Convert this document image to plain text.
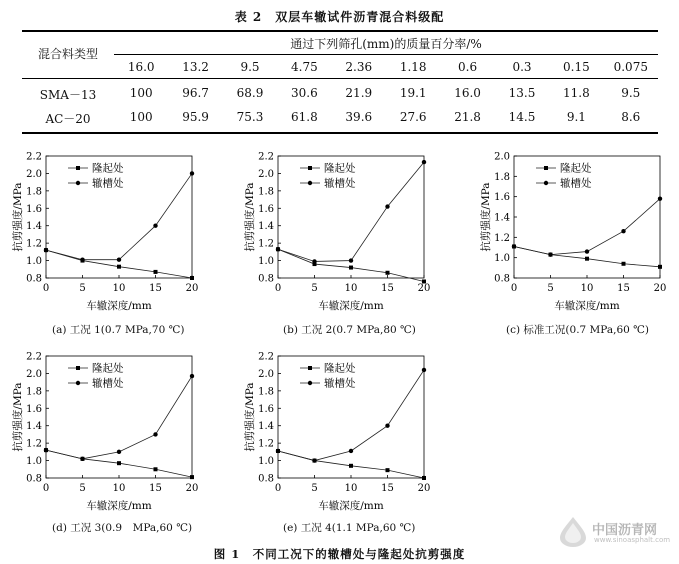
表 2　双层车辙试件沥青混合料级配
混合料类型
通过下列筛孔(mm)的质量百分率/%
16.0	13.2	9.5	4.75	2.36	1.18	0.6	0.3	0.15	0.075
SMA－13	100	96.7	68.9	30.6	21.9	19.1	16.0	13.5	11.8	9.5
AC－20	100	95.9	75.3	61.8	39.6	27.6	21.8	14.5	9.1	8.6
0.8
1.0
1.2
1.4
1.6
1.8
2.0
2.2
0	5	10 15 20
车辙深度/mm
抗剪强度/MPa
隆起处
辙槽处
0.8
1.0
1.2
1.4
1.6
1.8
2.0
2.2
0	5	10 15 20
车辙深度/mm
抗剪强度/MPa
隆起处
辙槽处
0.8
1.0
1.2
1.4
1.6
1.8
2.0
0	5	10 15 20
车辙深度/mm
抗剪强度/MPa
隆起处
辙槽处
0.8
1.0
1.2
1.4
1.6
1.8
2.0
2.2
0	5	10 15 20
车辙深度/mm
抗剪强度/MPa
隆起处
辙槽处
0.8
1.0
1.2
1.4
1.6
1.8
2.0
2.2
0	5	10 15 20
车辙深度/mm
抗剪强度/MPa
隆起处
辙槽处
(a) 工况 1(0.7 MPa,70 ℃)	(b) 工况 2(0.7 MPa,80 ℃)	(c) 标准工况(0.7 MPa,60 ℃)
(d) 工况 3(0.9　MPa,60 ℃)	(e) 工况 4(1.1 MPa,60 ℃)
图 1　不同工况下的辙槽处与隆起处抗剪强度
中国沥青网
www.sinoasphalt.com
